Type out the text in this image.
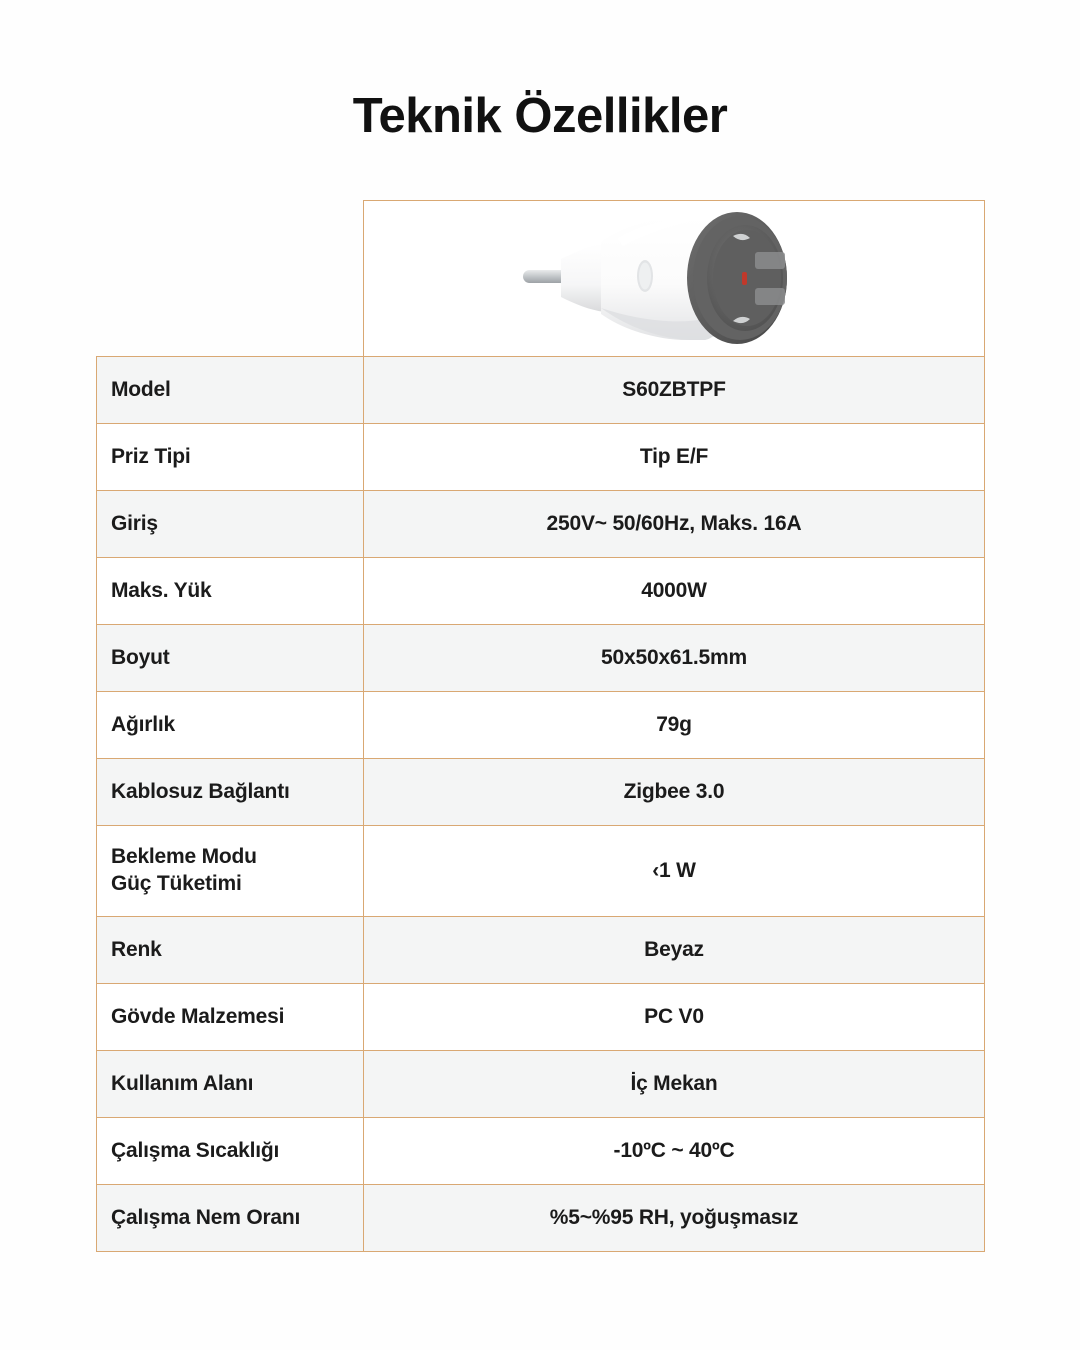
Teknik Özellikler

Model	S60ZBTPF
Priz Tipi	Tip E/F
Giriş	250V~ 50/60Hz, Maks. 16A
Maks. Yük	4000W
Boyut	50x50x61.5mm
Ağırlık	79g
Kablosuz Bağlantı	Zigbee 3.0

Bekleme Modu
Güç Tüketimi	‹1 W
Renk	Beyaz
Gövde Malzemesi	PC V0
Kullanım Alanı	İç Mekan
Çalışma Sıcaklığı	-10ºC ~ 40ºC
Çalışma Nem Oranı	%5~%95 RH, yoğuşmasız
